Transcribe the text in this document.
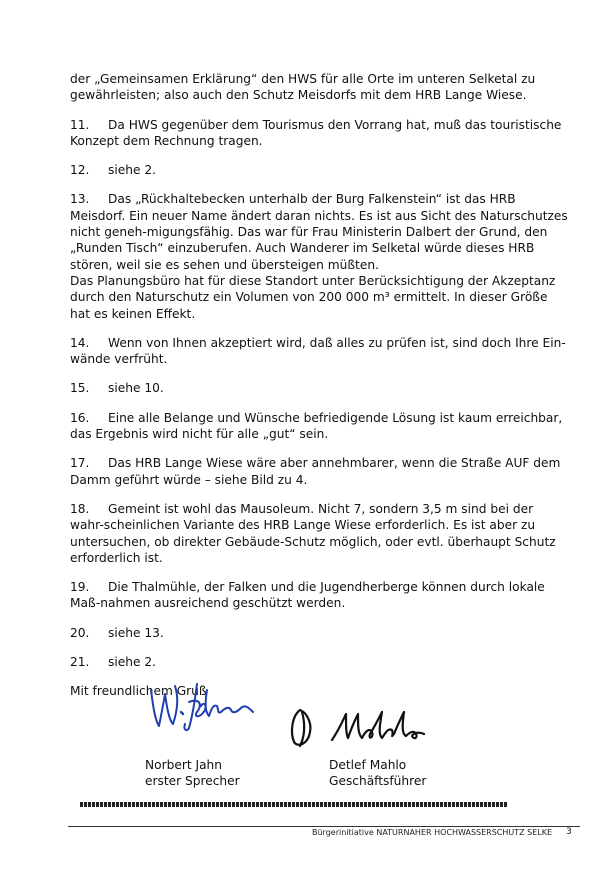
der „Gemeinsamen Erklärung“ den HWS für alle Orte im unteren Selketal zu gewährleisten; also auch den Schutz Meisdorfs mit dem HRB Lange Wiese.

11. Da HWS gegenüber dem Tourismus den Vorrang hat, muß das touristische Konzept dem Rechnung tragen.

12. siehe 2.

13. Das „Rückhaltebecken unterhalb der Burg Falkenstein“ ist das HRB Meisdorf. Ein neuer Name ändert daran nichts. Es ist aus Sicht des Naturschutzes nicht geneh-migungsfähig. Das war für Frau Ministerin Dalbert der Grund, den „Runden Tisch“ einzuberufen. Auch Wanderer im Selketal würde dieses HRB stören, weil sie es sehen und übersteigen müßten.
Das Planungsbüro hat für diese Standort unter Berücksichtigung der Akzeptanz durch den Naturschutz ein Volumen von 200 000 m³ ermittelt. In dieser Größe hat es keinen Effekt.

14. Wenn von Ihnen akzeptiert wird, daß alles zu prüfen ist, sind doch Ihre Ein-wände verfrüht.

15. siehe 10.

16. Eine alle Belange und Wünsche befriedigende Lösung ist kaum erreichbar, das Ergebnis wird nicht für alle „gut“ sein.

17. Das HRB Lange Wiese wäre aber annehmbarer, wenn die Straße AUF dem Damm geführt würde – siehe Bild zu 4.

18. Gemeint ist wohl das Mausoleum. Nicht 7, sondern 3,5 m sind bei der wahr-scheinlichen Variante des HRB Lange Wiese erforderlich. Es ist aber zu untersuchen, ob direkter Gebäude-Schutz möglich, oder evtl. überhaupt Schutz erforderlich ist.

19. Die Thalmühle, der Falken und die Jugendherberge können durch lokale Maß-nahmen ausreichend geschützt werden.

20. siehe 13.

21. siehe 2.

Mit freundlichem Gruß

Norbert Jahn
erster Sprecher
Detlef Mahlo
Geschäftsführer
Bürgerinitiative NATURNAHER HOCHWASSERSCHUTZ SELKE 3
